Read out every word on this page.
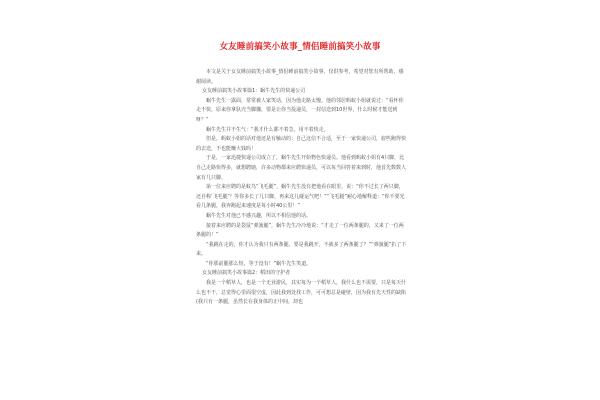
女友睡前搞笑小故事_情侣睡前搞笑小故事

本文是关于女友睡前搞笑小故事_情侣睡前搞笑小故事，仅供参考，希望对您有所帮助，感谢阅读。

女友睡前搞笑小故事篇1：蜗牛先生的快递公司

蜗牛先生一露面，常常被人家笑话，因为他走路太慢。他的邻居蚂蚁小姐就说过：“看怀你走不快，原来你拿驮壳当脚骤，要是让你当投递员，一封信送到10世界，什么时候才能送到呀？”

蜗牛先生并不生气：“我才什么都不着急，用不着快走。

但是，蚂蚁小姐的话对他还是有触动的：自己这信不合适，至于一家快递公司，雇些跑得快的去送，不也能赚大钱吗！

于是，一家迅捷快递公司成立了，蜗牛先生开始物色快递员。他看到蚂蚁小姐有4只脚，比自己走路快得多，就想聘她，许多动物都来应聘快递员，可以每当回答着来到时，他首先数数人家有几只脚。

第一位来应聘的是蚊鸟“飞毛腿”，蜗牛先生没有把他看在眼里，说：“你不过长了两只脚，还自称‘飞毛腿’？等你多长了几只脚，再来这儿碰运气吧！”“飞毛腿”耐心地解释道：“你不要光看几条腿，我奔跑起来速度是每小时40公里！”

蜗牛先生对他已不感兴趣，所以不相信他的话。

接着来应聘的是袋鼠“弹簧腿”，蜗牛先生冷冷地说：“才走了一位两条腿的，又来了一位两条腿的！”

“我跳在走的，你才认为我只有两条腿，要是我跳开，不就多了两条腿了？”“弹簧腿”扒了下来。

“你那前腿那么短，等于没有！”蜗牛先生笑道。

女友睡前搞笑小故事篇2：稻田的守护者

我是一个稻草人，也是一个无业游民，其实每为一个稻草人，我什么也不需要，只是每天什么也不干，总觉得心里面很空虚，因此我到处找工作，可可想总是碰壁，因为我有先天性的缺陷(我只有一条腿，虽然长在我身体的正中间，却也
